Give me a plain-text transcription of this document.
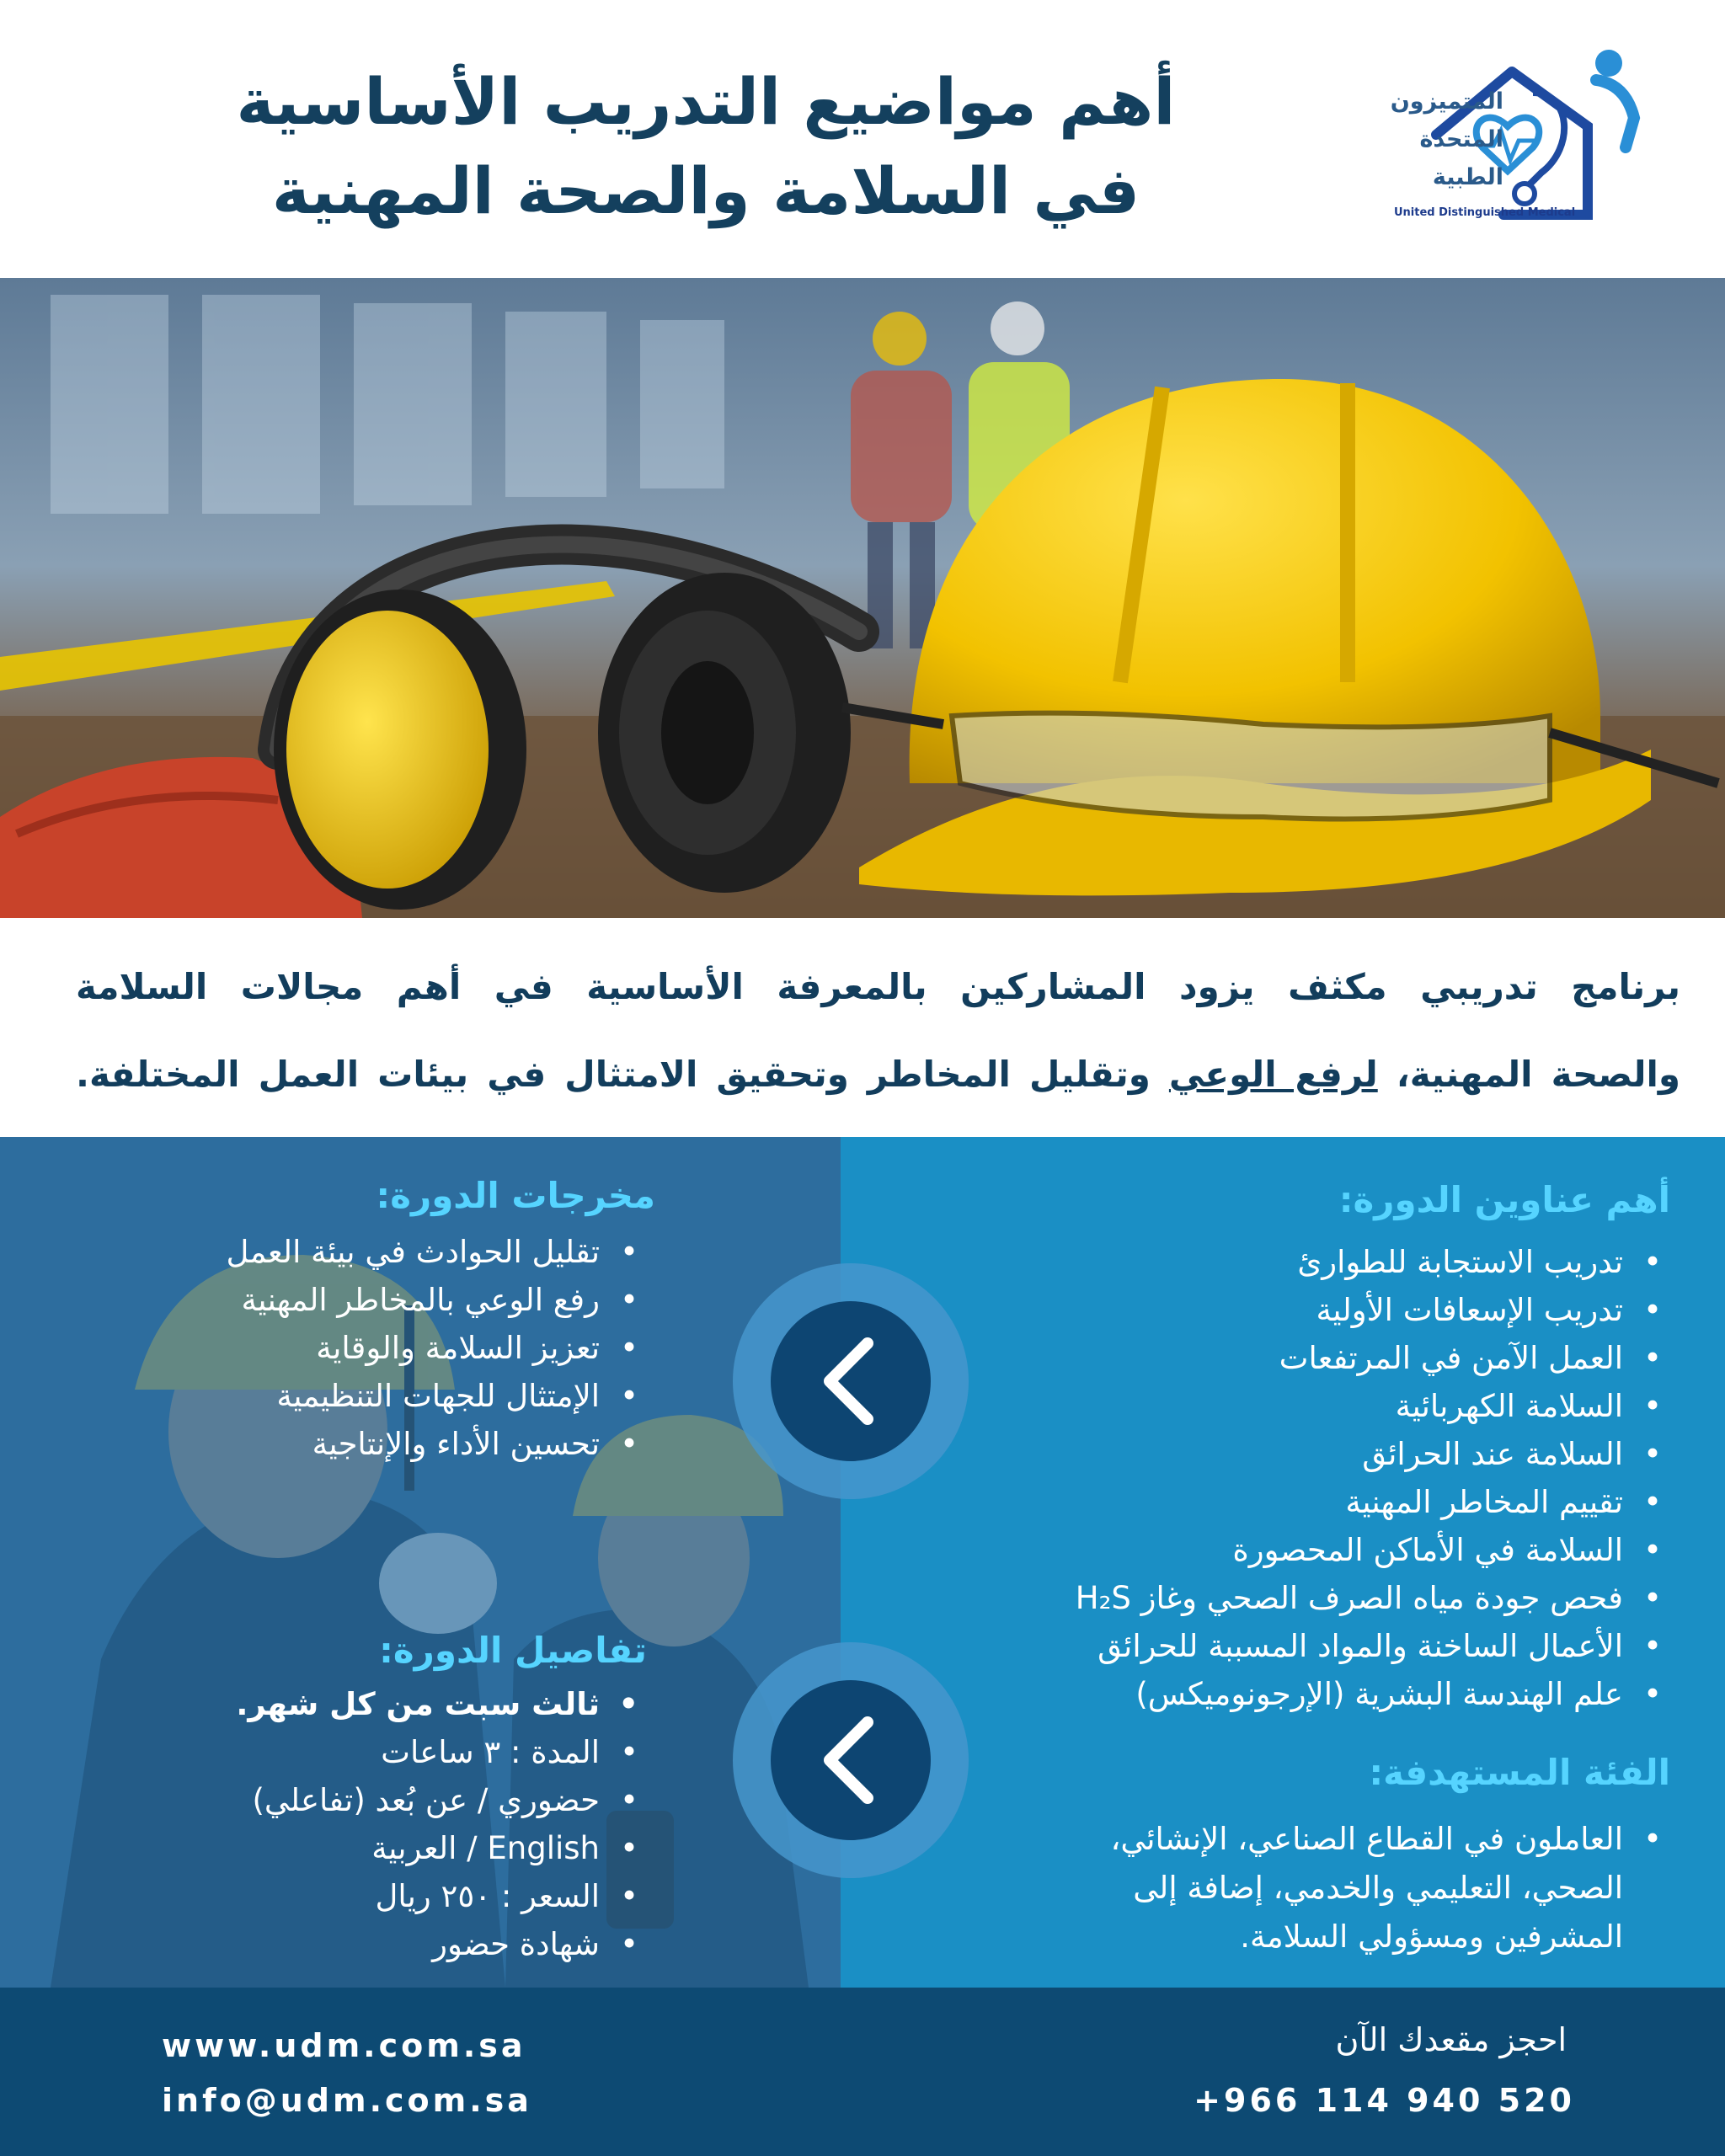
أهم مواضيع التدريب الأساسية
في السلامة والصحة المهنية
المتميزون
المتحدة
الطبية
United Distinguished Medical
برنامج تدريبي مكثف يزود المشاركين بالمعرفة الأساسية في أهم مجالات السلامة
والصحة المهنية، لرفع الوعي وتقليل المخاطر وتحقيق الامتثال في بيئات العمل المختلفة.
أهم عناوين الدورة:
• تدريب الاستجابة للطوارئ
• تدريب الإسعافات الأولية
• العمل الآمن في المرتفعات
• السلامة الكهربائية
• السلامة عند الحرائق
• تقييم المخاطر المهنية
• السلامة في الأماكن المحصورة
• فحص جودة مياه الصرف الصحي وغاز H₂S
• الأعمال الساخنة والمواد المسببة للحرائق
• علم الهندسة البشرية (الإرجونوميكس)
الفئة المستهدفة:
• العاملون في القطاع الصناعي، الإنشائي، الصحي، التعليمي والخدمي، إضافة إلى المشرفين ومسؤولي السلامة.
مخرجات الدورة:
• تقليل الحوادث في بيئة العمل
• رفع الوعي بالمخاطر المهنية
• تعزيز السلامة والوقاية
• الإمتثال للجهات التنظيمية
• تحسين الأداء والإنتاجية
تفاصيل الدورة:
• ثالث سبت من كل شهر.
• المدة : ٣ ساعات
• حضوري / عن بُعد (تفاعلي)
• English / العربية
• السعر : ٢٥٠ ريال
• شهادة حضور
www.udm.com.sa
info@udm.com.sa
احجز مقعدك الآن
+966 114 940 520
